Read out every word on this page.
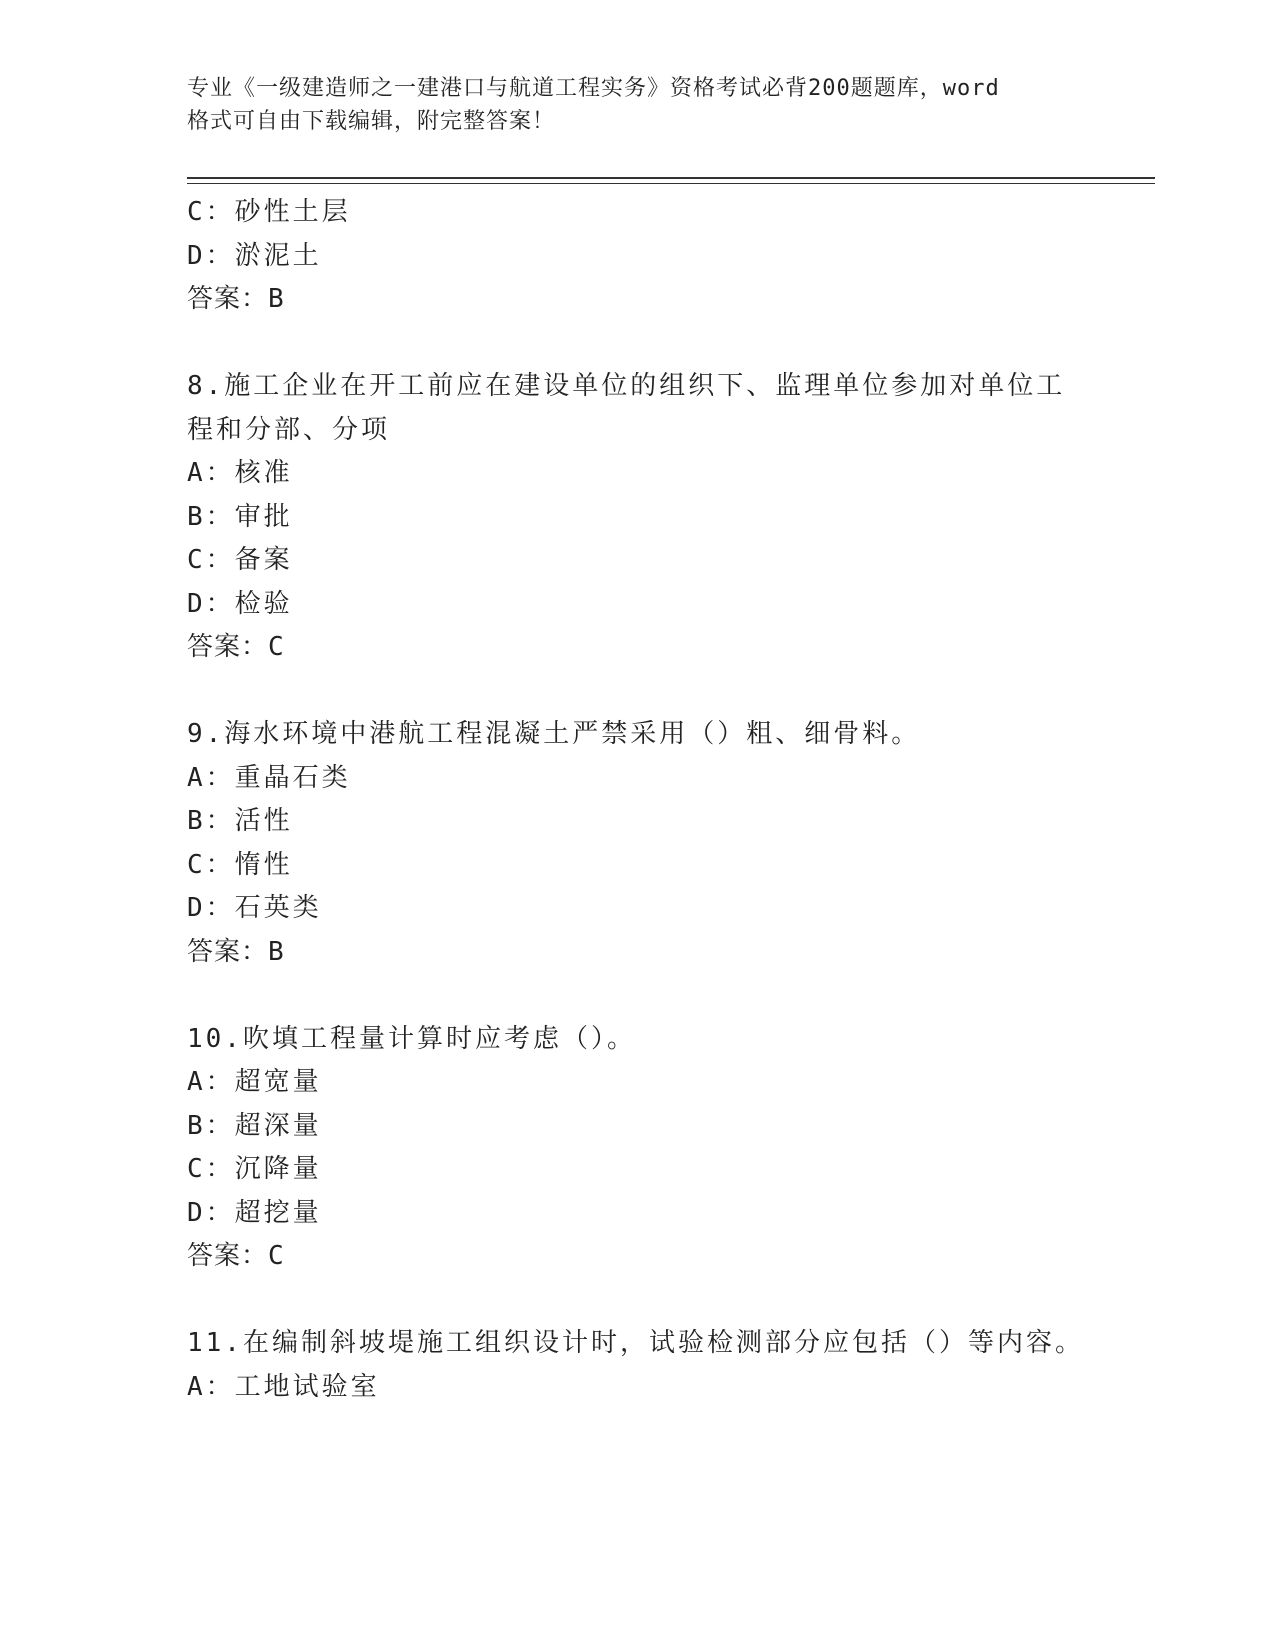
专业《一级建造师之一建港口与航道工程实务》资格考试必背200题题库，word
格式可自由下载编辑，附完整答案！
C：砂性土层
D：淤泥土
答案：B
8.施工企业在开工前应在建设单位的组织下、监理单位参加对单位工
程和分部、分项
A：核准
B：审批
C：备案
D：检验
答案：C
9.海水环境中港航工程混凝土严禁采用（）粗、细骨料。
A：重晶石类
B：活性
C：惰性
D：石英类
答案：B
10.吹填工程量计算时应考虑（）。
A：超宽量
B：超深量
C：沉降量
D：超挖量
答案：C
11.在编制斜坡堤施工组织设计时，试验检测部分应包括（）等内容。
A：工地试验室
